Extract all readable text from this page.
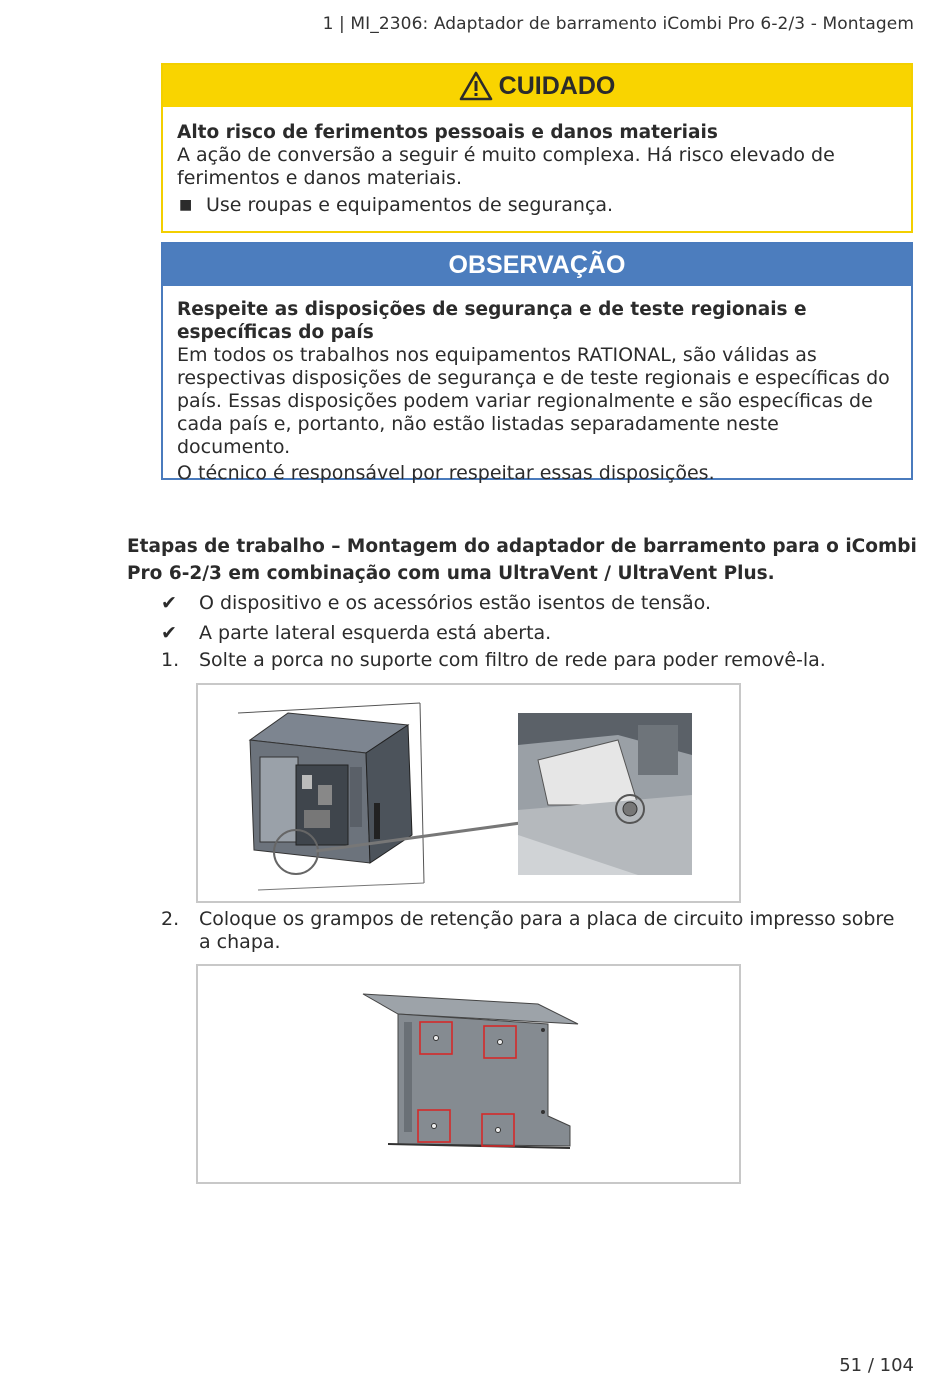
1 | MI_2306: Adaptador de barramento iCombi Pro 6-2/3 - Montagem
CUIDADO
Alto risco de ferimentos pessoais e danos materiais
A ação de conversão a seguir é muito complexa. Há risco elevado de ferimentos e danos materiais.
■ Use roupas e equipamentos de segurança.
OBSERVAÇÃO
Respeite as disposições de segurança e de teste regionais e específicas do país
Em todos os trabalhos nos equipamentos RATIONAL, são válidas as respectivas disposições de segurança e de teste regionais e específicas do país. Essas disposições podem variar regionalmente e são específicas de cada país e, portanto, não estão listadas separadamente neste documento.
O técnico é responsável por respeitar essas disposições.
Etapas de trabalho – Montagem do adaptador de barramento para o iCombi Pro 6-2/3 em combinação com uma UltraVent / UltraVent Plus.
✔	O dispositivo e os acessórios estão isentos de tensão.
✔	A parte lateral esquerda está aberta.
1.	Solte a porca no suporte com filtro de rede para poder removê-la.
2.	Coloque os grampos de retenção para a placa de circuito impresso sobre a chapa.
51 / 104
